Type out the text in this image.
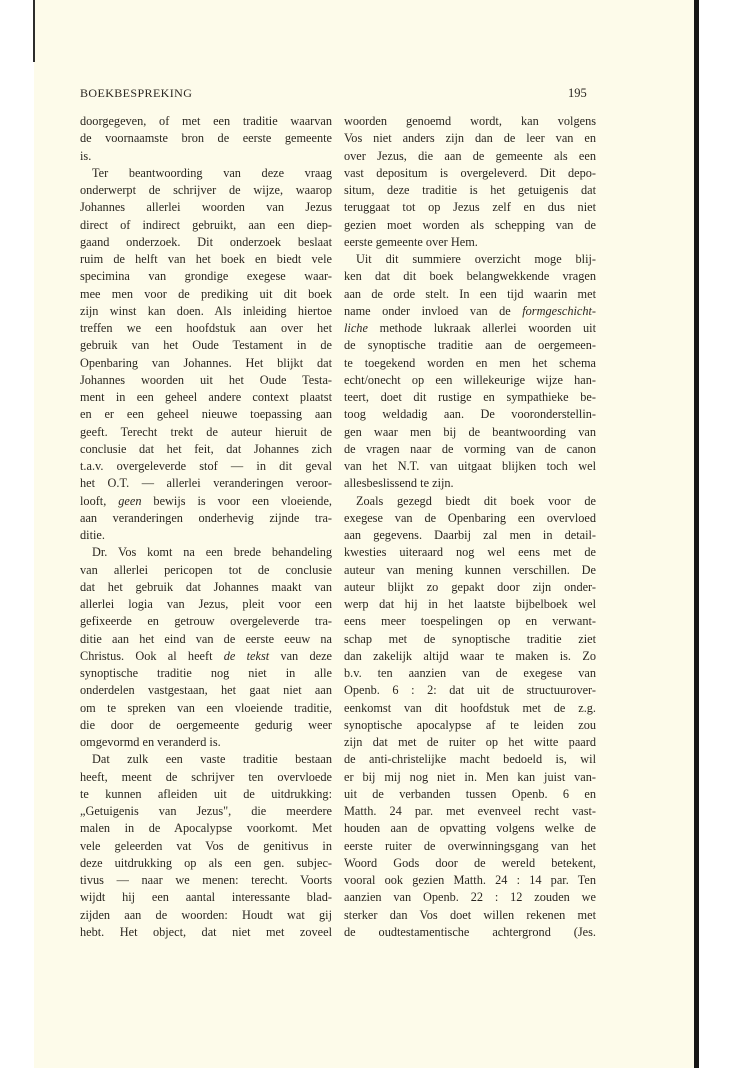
BOEKBESPREKING	195
doorgegeven, of met een traditie waarvan
de voornaamste bron de eerste gemeente
is.
Ter beantwoording van deze vraag
onderwerpt de schrijver de wijze, waarop
Johannes allerlei woorden van Jezus
direct of indirect gebruikt, aan een diep-
gaand onderzoek. Dit onderzoek beslaat
ruim de helft van het boek en biedt vele
specimina van grondige exegese waar-
mee men voor de prediking uit dit boek
zijn winst kan doen. Als inleiding hiertoe
treffen we een hoofdstuk aan over het
gebruik van het Oude Testament in de
Openbaring van Johannes. Het blijkt dat
Johannes woorden uit het Oude Testa-
ment in een geheel andere context plaatst
en er een geheel nieuwe toepassing aan
geeft. Terecht trekt de auteur hieruit de
conclusie dat het feit, dat Johannes zich
t.a.v. overgeleverde stof — in dit geval
het O.T. — allerlei veranderingen veroor-
looft, geen bewijs is voor een vloeiende,
aan veranderingen onderhevig zijnde tra-
ditie.
Dr. Vos komt na een brede behandeling
van allerlei pericopen tot de conclusie
dat het gebruik dat Johannes maakt van
allerlei logia van Jezus, pleit voor een
gefixeerde en getrouw overgeleverde tra-
ditie aan het eind van de eerste eeuw na
Christus. Ook al heeft de tekst van deze
synoptische traditie nog niet in alle
onderdelen vastgestaan, het gaat niet aan
om te spreken van een vloeiende traditie,
die door de oergemeente gedurig weer
omgevormd en veranderd is.
Dat zulk een vaste traditie bestaan
heeft, meent de schrijver ten overvloede
te kunnen afleiden uit de uitdrukking:
„Getuigenis van Jezus", die meerdere
malen in de Apocalypse voorkomt. Met
vele geleerden vat Vos de genitivus in
deze uitdrukking op als een gen. subjec-
tivus — naar we menen: terecht. Voorts
wijdt hij een aantal interessante blad-
zijden aan de woorden: Houdt wat gij
hebt. Het object, dat niet met zoveel
woorden genoemd wordt, kan volgens
Vos niet anders zijn dan de leer van en
over Jezus, die aan de gemeente als een
vast depositum is overgeleverd. Dit depo-
situm, deze traditie is het getuigenis dat
teruggaat tot op Jezus zelf en dus niet
gezien moet worden als schepping van de
eerste gemeente over Hem.
Uit dit summiere overzicht moge blij-
ken dat dit boek belangwekkende vragen
aan de orde stelt. In een tijd waarin met
name onder invloed van de formgeschicht-
liche methode lukraak allerlei woorden uit
de synoptische traditie aan de oergemeen-
te toegekend worden en men het schema
echt/onecht op een willekeurige wijze han-
teert, doet dit rustige en sympathieke be-
toog weldadig aan. De vooronderstellin-
gen waar men bij de beantwoording van
de vragen naar de vorming van de canon
van het N.T. van uitgaat blijken toch wel
allesbeslissend te zijn.
Zoals gezegd biedt dit boek voor de
exegese van de Openbaring een overvloed
aan gegevens. Daarbij zal men in detail-
kwesties uiteraard nog wel eens met de
auteur van mening kunnen verschillen. De
auteur blijkt zo gepakt door zijn onder-
werp dat hij in het laatste bijbelboek wel
eens meer toespelingen op en verwant-
schap met de synoptische traditie ziet
dan zakelijk altijd waar te maken is. Zo
b.v. ten aanzien van de exegese van
Openb. 6 : 2: dat uit de structuurover-
eenkomst van dit hoofdstuk met de z.g.
synoptische apocalypse af te leiden zou
zijn dat met de ruiter op het witte paard
de anti-christelijke macht bedoeld is, wil
er bij mij nog niet in. Men kan juist van-
uit de verbanden tussen Openb. 6 en
Matth. 24 par. met evenveel recht vast-
houden aan de opvatting volgens welke de
eerste ruiter de overwinningsgang van het
Woord Gods door de wereld betekent,
vooral ook gezien Matth. 24 : 14 par. Ten
aanzien van Openb. 22 : 12 zouden we
sterker dan Vos doet willen rekenen met
de oudtestamentische achtergrond (Jes.
